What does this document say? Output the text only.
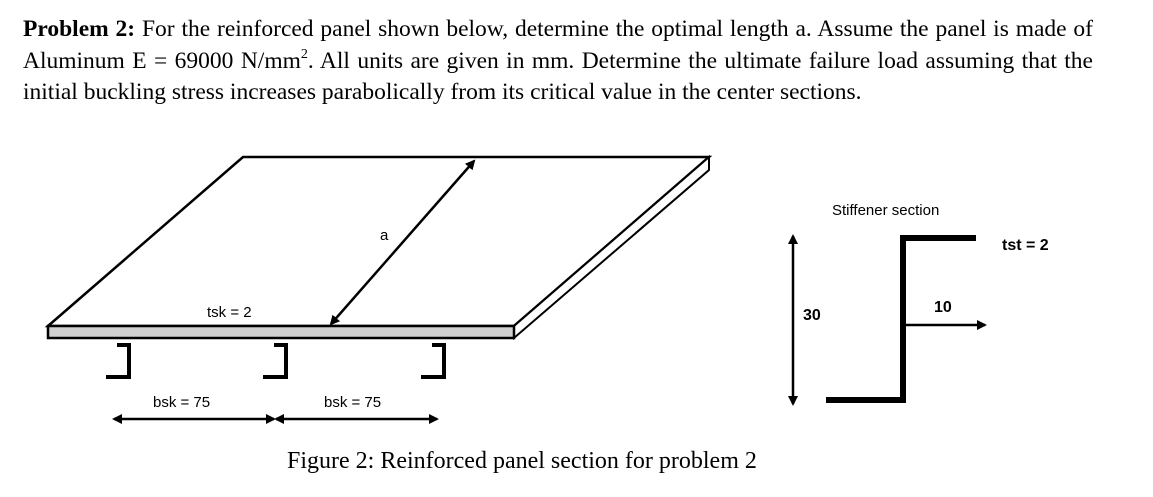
Problem 2: For the reinforced panel shown below, determine the optimal length a. Assume the panel is made of Aluminum E = 69000 $N/mm^2$. All units are given in mm. Determine the ultimate failure load assuming that the initial buckling stress increases parabolically from its critical value in the center sections.
a
tsk = 2
bsk = 75	bsk = 75
Stiffener section
30	10
tst = 2
Figure 2: Reinforced panel section for problem 2
